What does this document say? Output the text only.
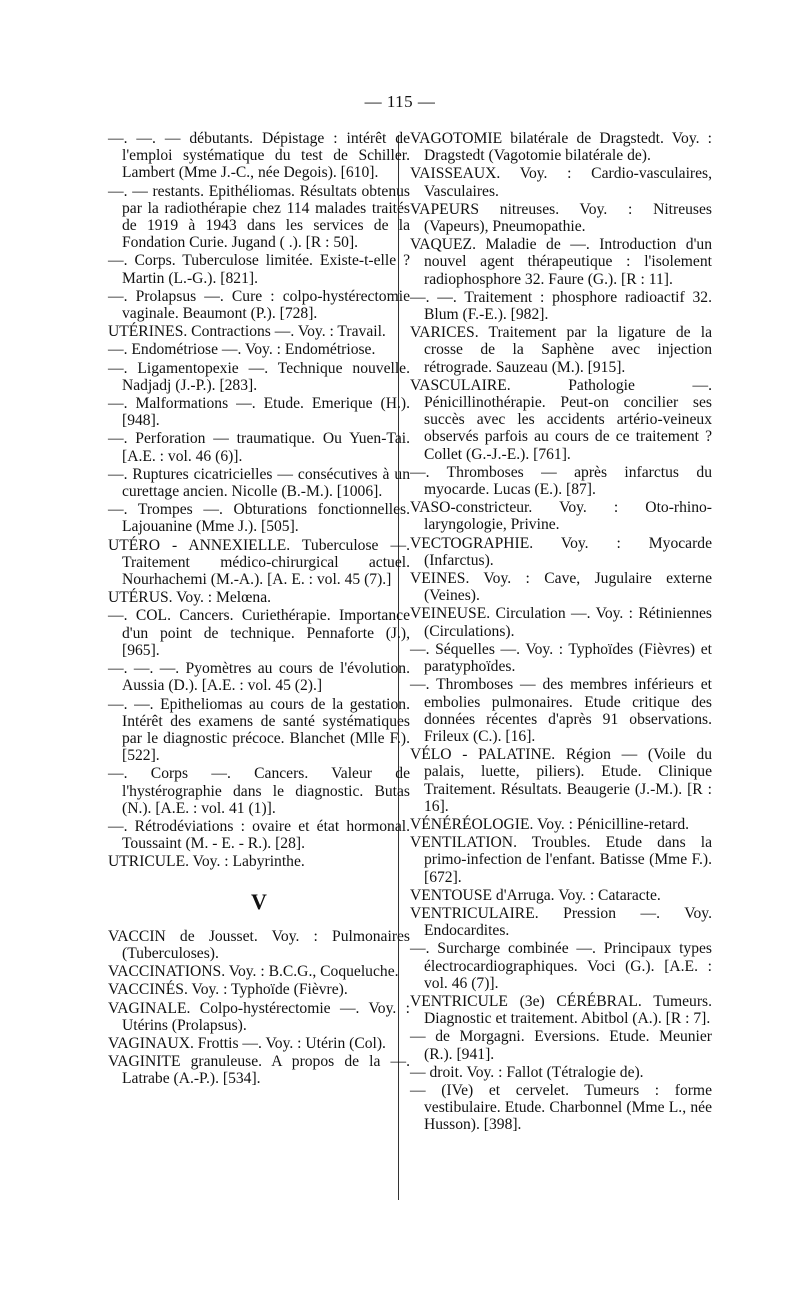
— 115 —

—. —. — débutants. Dépistage : intérêt de l'emploi systématique du test de Schiller. Lambert (Mme J.-C., née Degois). [610].

—. — restants. Epithéliomas. Résultats obtenus par la radiothérapie chez 114 malades traités de 1919 à 1943 dans les services de la Fondation Curie. Jugand ( .). [R : 50].

—. Corps. Tuberculose limitée. Existe-t-elle ? Martin (L.-G.). [821].

—. Prolapsus —. Cure : colpo-hystérectomie vaginale. Beaumont (P.). [728].

UTÉRINES. Contractions —. Voy. : Travail.

—. Endométriose —. Voy. : Endométriose.

—. Ligamentopexie —. Technique nouvelle. Nadjadj (J.-P.). [283].

—. Malformations —. Etude. Emerique (H.). [948].

—. Perforation — traumatique. Ou Yuen-Tai. [A.E. : vol. 46 (6)].

—. Ruptures cicatricielles — consécutives à un curettage ancien. Nicolle (B.-M.). [1006].

—. Trompes —. Obturations fonctionnelles. Lajouanine (Mme J.). [505].

UTÉRO - ANNEXIELLE. Tuberculose —. Traitement médico-chirurgical actuel. Nourhachemi (M.-A.). [A. E. : vol. 45 (7).]

UTÉRUS. Voy. : Melœna.

—. COL. Cancers. Curiethérapie. Importance d'un point de technique. Pennaforte (J.), [965].

—. —. —. Pyomètres au cours de l'évolution. Aussia (D.). [A.E. : vol. 45 (2).]

—. —. Epitheliomas au cours de la gestation. Intérêt des examens de santé systématiques par le diagnostic précoce. Blanchet (Mlle F.). [522].

—. Corps —. Cancers. Valeur de l'hystérographie dans le diagnostic. Butas (N.). [A.E. : vol. 41 (1)].

—. Rétrodéviations : ovaire et état hormonal. Toussaint (M. - E. - R.). [28].

UTRICULE. Voy. : Labyrinthe.

V

VACCIN de Jousset. Voy. : Pulmonaires (Tuberculoses).

VACCINATIONS. Voy. : B.C.G., Coqueluche.

VACCINÉS. Voy. : Typhoïde (Fièvre).

VAGINALE. Colpo-hystérectomie —. Voy. : Utérins (Prolapsus).

VAGINAUX. Frottis —. Voy. : Utérin (Col).

VAGINITE granuleuse. A propos de la —. Latrabe (A.-P.). [534].

VAGOTOMIE bilatérale de Dragstedt. Voy. : Dragstedt (Vagotomie bilatérale de).

VAISSEAUX. Voy. : Cardio-vasculaires, Vasculaires.

VAPEURS nitreuses. Voy. : Nitreuses (Vapeurs), Pneumopathie.

VAQUEZ. Maladie de —. Introduction d'un nouvel agent thérapeutique : l'isolement radiophosphore 32. Faure (G.). [R : 11].

—. —. Traitement : phosphore radioactif 32. Blum (F.-E.). [982].

VARICES. Traitement par la ligature de la crosse de la Saphène avec injection rétrograde. Sauzeau (M.). [915].

VASCULAIRE. Pathologie —. Pénicillinothérapie. Peut-on concilier ses succès avec les accidents artério-veineux observés parfois au cours de ce traitement ? Collet (G.-J.-E.). [761].

—. Thromboses — après infarctus du myocarde. Lucas (E.). [87].

VASO-constricteur. Voy. : Oto-rhino-laryngologie, Privine.

VECTOGRAPHIE. Voy. : Myocarde (Infarctus).

VEINES. Voy. : Cave, Jugulaire externe (Veines).

VEINEUSE. Circulation —. Voy. : Rétiniennes (Circulations).

—. Séquelles —. Voy. : Typhoïdes (Fièvres) et paratyphoïdes.

—. Thromboses — des membres inférieurs et embolies pulmonaires. Etude critique des données récentes d'après 91 observations. Frileux (C.). [16].

VÉLO - PALATINE. Région — (Voile du palais, luette, piliers). Etude. Clinique Traitement. Résultats. Beaugerie (J.-M.). [R : 16].

VÉNÉRÉOLOGIE. Voy. : Pénicilline-retard.

VENTILATION. Troubles. Etude dans la primo-infection de l'enfant. Batisse (Mme F.). [672].

VENTOUSE d'Arruga. Voy. : Cataracte.

VENTRICULAIRE. Pression —. Voy. Endocardites.

—. Surcharge combinée —. Principaux types électrocardiographiques. Voci (G.). [A.E. : vol. 46 (7)].

VENTRICULE (3e) CÉRÉBRAL. Tumeurs. Diagnostic et traitement. Abitbol (A.). [R : 7].

— de Morgagni. Eversions. Etude. Meunier (R.). [941].

— droit. Voy. : Fallot (Tétralogie de).

— (IVe) et cervelet. Tumeurs : forme vestibulaire. Etude. Charbonnel (Mme L., née Husson). [398].
